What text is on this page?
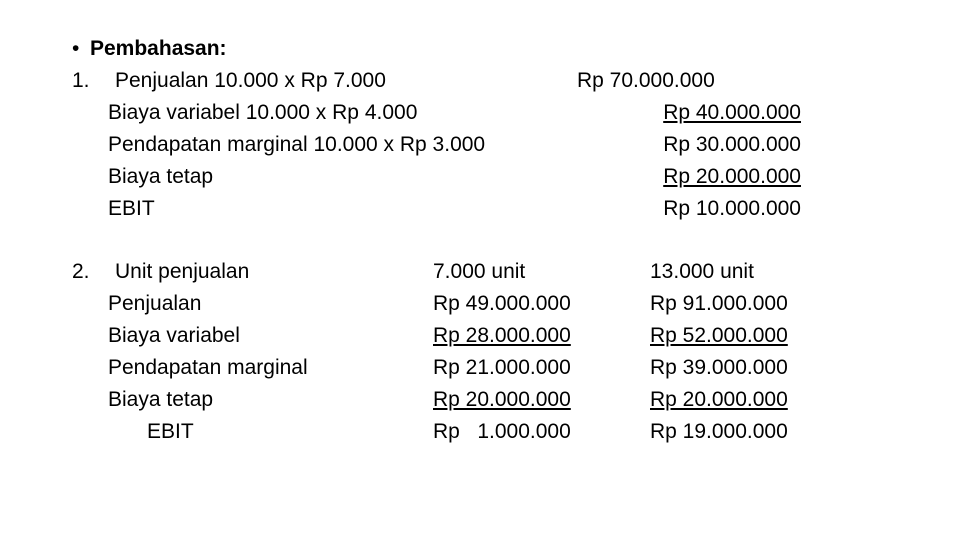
• Pembahasan:
1. Penjualan 10.000 x Rp 7.000	Rp 70.000.000
Biaya variabel 10.000 x Rp 4.000	Rp 40.000.000
Pendapatan marginal 10.000 x Rp 3.000	Rp 30.000.000
Biaya tetap	Rp 20.000.000
EBIT	Rp 10.000.000
2. Unit penjualan	7.000 unit	13.000 unit
Penjualan	Rp 49.000.000	Rp 91.000.000
Biaya variabel	Rp 28.000.000	Rp 52.000.000
Pendapatan marginal	Rp 21.000.000	Rp 39.000.000
Biaya tetap	Rp 20.000.000	Rp 20.000.000
EBIT	Rp   1.000.000	Rp 19.000.000
